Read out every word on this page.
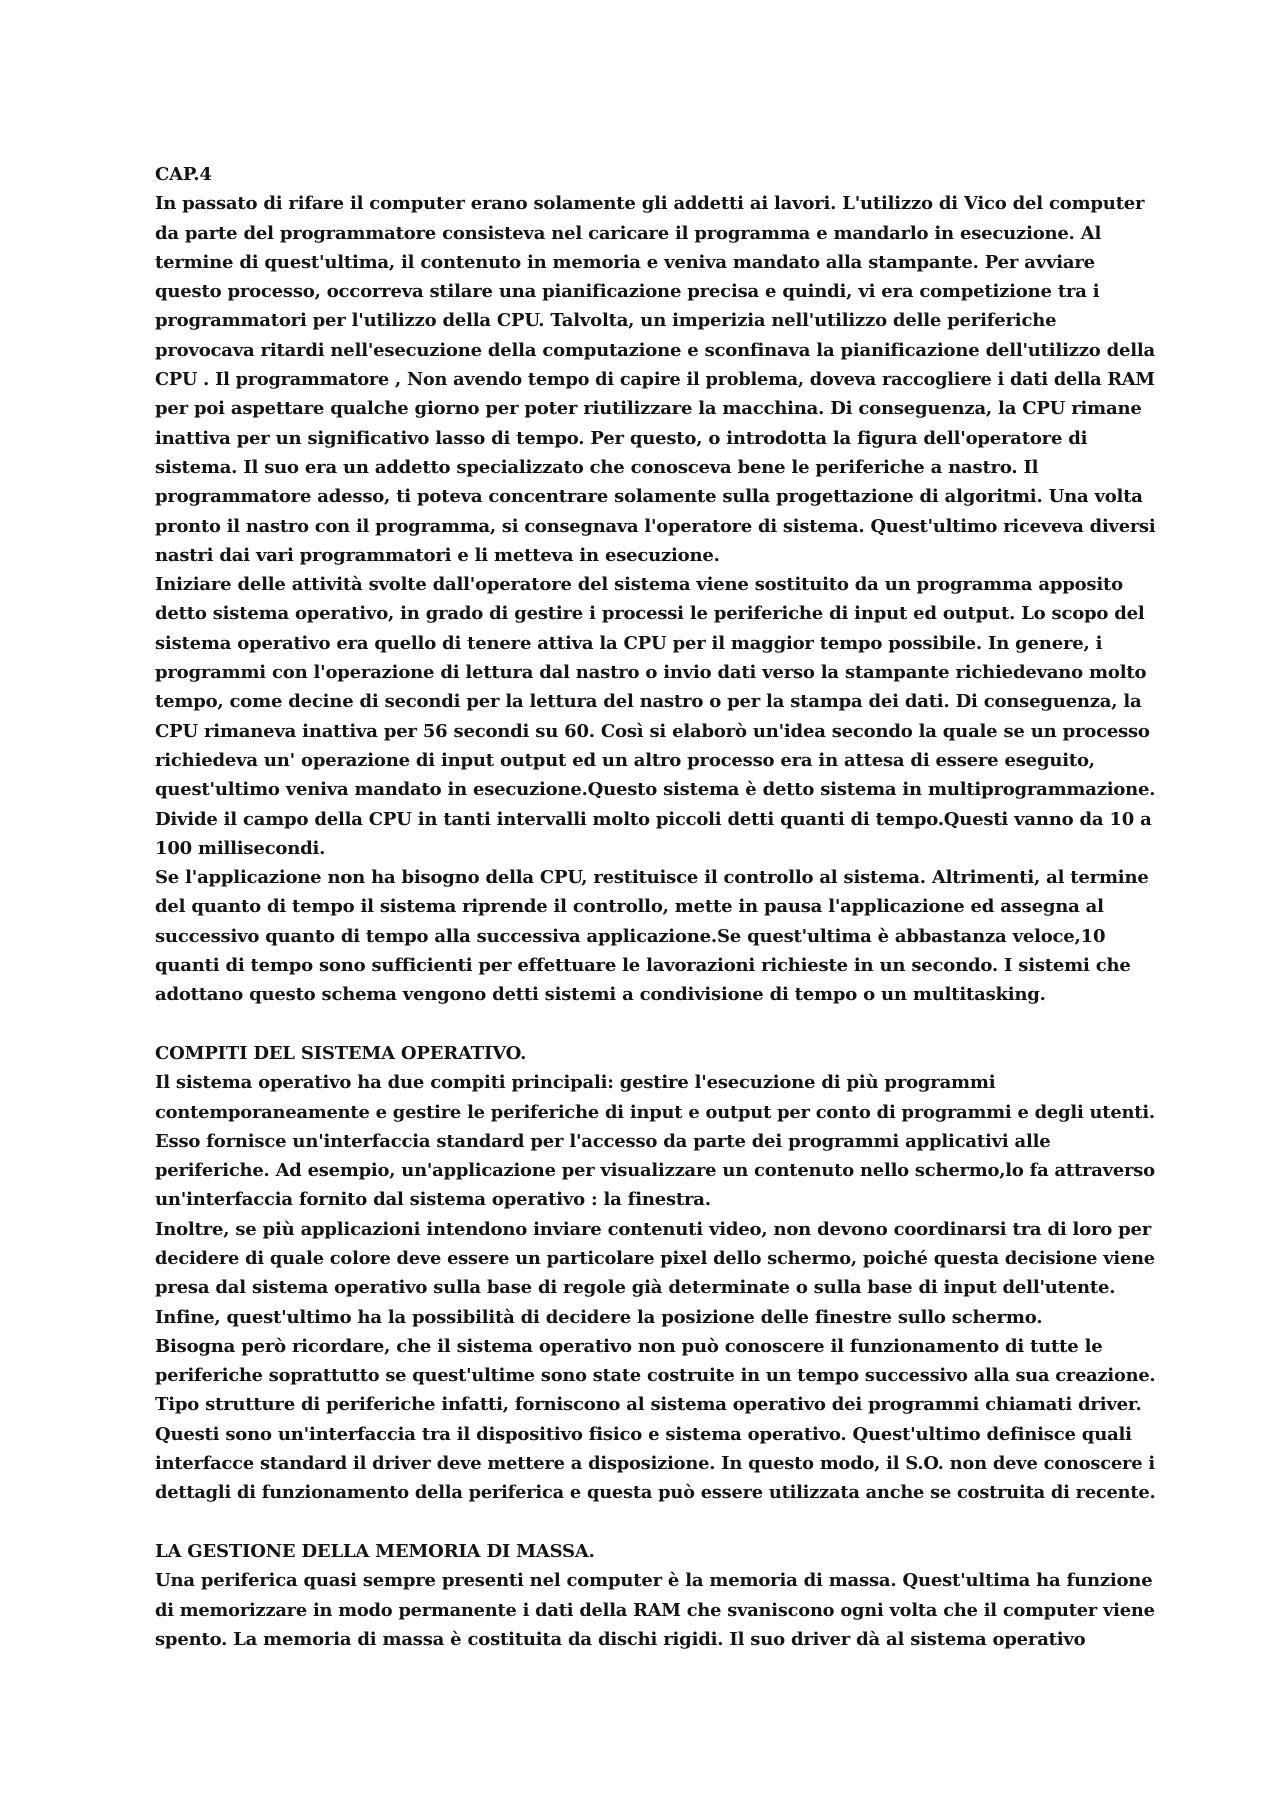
CAP.4
In passato di rifare il computer erano solamente gli addetti ai lavori. L'utilizzo di Vico del computer
da parte del programmatore consisteva nel caricare il programma e mandarlo in esecuzione. Al
termine di quest'ultima, il contenuto in memoria e veniva mandato alla stampante. Per avviare
questo processo, occorreva stilare una pianificazione precisa e quindi, vi era competizione tra i
programmatori per l'utilizzo della CPU. Talvolta, un imperizia nell'utilizzo delle periferiche
provocava ritardi nell'esecuzione della computazione e sconfinava la pianificazione dell'utilizzo della
CPU . Il programmatore , Non avendo tempo di capire il problema, doveva raccogliere i dati della RAM
per poi aspettare qualche giorno per poter riutilizzare la macchina. Di conseguenza, la CPU rimane
inattiva per un significativo lasso di tempo. Per questo, o introdotta la figura dell'operatore di
sistema. Il suo era un addetto specializzato che conosceva bene le periferiche a nastro. Il
programmatore adesso, ti poteva concentrare solamente sulla progettazione di algoritmi. Una volta
pronto il nastro con il programma, si consegnava l'operatore di sistema. Quest'ultimo riceveva diversi
nastri dai vari programmatori e li metteva in esecuzione.
Iniziare delle attività svolte dall'operatore del sistema viene sostituito da un programma apposito
detto sistema operativo, in grado di gestire i processi le periferiche di input ed output. Lo scopo del
sistema operativo era quello di tenere attiva la CPU per il maggior tempo possibile. In genere, i
programmi con l'operazione di lettura dal nastro o invio dati verso la stampante richiedevano molto
tempo, come decine di secondi per la lettura del nastro o per la stampa dei dati. Di conseguenza, la
CPU rimaneva inattiva per 56 secondi su 60. Così si elaborò un'idea secondo la quale se un processo
richiedeva un' operazione di input output ed un altro processo era in attesa di essere eseguito,
quest'ultimo veniva mandato in esecuzione.Questo sistema è detto sistema in multiprogrammazione.
Divide il campo della CPU in tanti intervalli molto piccoli detti quanti di tempo.Questi vanno da 10 a
100 millisecondi.
Se l'applicazione non ha bisogno della CPU, restituisce il controllo al sistema. Altrimenti, al termine
del quanto di tempo il sistema riprende il controllo, mette in pausa l'applicazione ed assegna al
successivo quanto di tempo alla successiva applicazione.Se quest'ultima è abbastanza veloce,10
quanti di tempo sono sufficienti per effettuare le lavorazioni richieste in un secondo. I sistemi che
adottano questo schema vengono detti sistemi a condivisione di tempo o un multitasking.
COMPITI DEL SISTEMA OPERATIVO.
Il sistema operativo ha due compiti principali: gestire l'esecuzione di più programmi
contemporaneamente e gestire le periferiche di input e output per conto di programmi e degli utenti.
Esso fornisce un'interfaccia standard per l'accesso da parte dei programmi applicativi alle
periferiche. Ad esempio, un'applicazione per visualizzare un contenuto nello schermo,lo fa attraverso
un'interfaccia fornito dal sistema operativo : la finestra.
Inoltre, se più applicazioni intendono inviare contenuti video, non devono coordinarsi tra di loro per
decidere di quale colore deve essere un particolare pixel dello schermo, poiché questa decisione viene
presa dal sistema operativo sulla base di regole già determinate o sulla base di input dell'utente.
Infine, quest'ultimo ha la possibilità di decidere la posizione delle finestre sullo schermo.
Bisogna però ricordare, che il sistema operativo non può conoscere il funzionamento di tutte le
periferiche soprattutto se quest'ultime sono state costruite in un tempo successivo alla sua creazione.
Tipo strutture di periferiche infatti, forniscono al sistema operativo dei programmi chiamati driver.
Questi sono un'interfaccia tra il dispositivo fisico e sistema operativo. Quest'ultimo definisce quali
interfacce standard il driver deve mettere a disposizione. In questo modo, il S.O. non deve conoscere i
dettagli di funzionamento della periferica e questa può essere utilizzata anche se costruita di recente.
LA GESTIONE DELLA MEMORIA DI MASSA.
Una periferica quasi sempre presenti nel computer è la memoria di massa. Quest'ultima ha funzione
di memorizzare in modo permanente i dati della RAM che svaniscono ogni volta che il computer viene
spento. La memoria di massa è costituita da dischi rigidi. Il suo driver dà al sistema operativo
